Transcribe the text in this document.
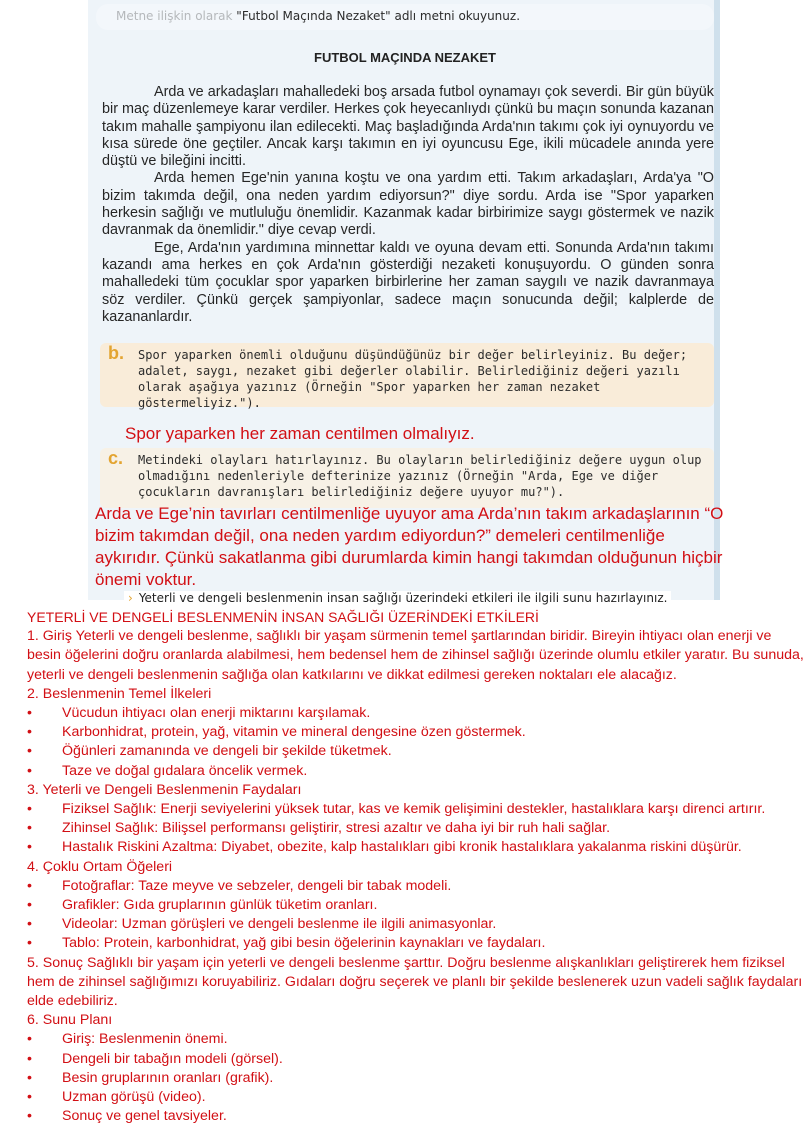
Metne ilişkin olarak "Futbol Maçında Nezaket" adlı metni okuyunuz.
FUTBOL MAÇINDA NEZAKET

Arda ve arkadaşları mahalledeki boş arsada futbol oynamayı çok severdi. Bir gün büyük bir maç düzenlemeye karar verdiler. Herkes çok heyecanlıydı çünkü bu maçın sonunda kazanan takım mahalle şampiyonu ilan edilecekti. Maç başladığında Arda'nın takımı çok iyi oynuyordu ve kısa sürede öne geçtiler. Ancak karşı takımın en iyi oyuncusu Ege, ikili mücadele anında yere düştü ve bileğini incitti.

Arda hemen Ege'nin yanına koştu ve ona yardım etti. Takım arkadaşları, Arda'ya "O bizim takımda değil, ona neden yardım ediyorsun?" diye sordu. Arda ise "Spor yaparken herkesin sağlığı ve mutluluğu önemlidir. Kazanmak kadar birbirimize saygı göstermek ve nazik davranmak da önemlidir." diye cevap verdi.

Ege, Arda'nın yardımına minnettar kaldı ve oyuna devam etti. Sonunda Arda'nın takımı kazandı ama herkes en çok Arda'nın gösterdiği nezaketi konuşuyordu. O günden sonra mahalledeki tüm çocuklar spor yaparken birbirlerine her zaman saygılı ve nazik davranmaya söz verdiler. Çünkü gerçek şampiyonlar, sadece maçın sonucunda değil; kalplerde de kazananlardır.

b. Spor yaparken önemli olduğunu düşündüğünüz bir değer belirleyiniz. Bu değer; adalet, saygı, nezaket gibi değerler olabilir. Belirlediğiniz değeri yazılı olarak aşağıya yazınız (Örneğin "Spor yaparken her zaman nezaket göstermeliyiz.").
Spor yaparken her zaman centilmen olmalıyız.
c. Metindeki olayları hatırlayınız. Bu olayların belirlediğiniz değere uygun olup olmadığını nedenleriyle defterinize yazınız (Örneğin "Arda, Ege ve diğer çocukların davranışları belirlediğiniz değere uyuyor mu?").
Arda ve Ege’nin tavırları centilmenliğe uyuyor ama Arda’nın takım arkadaşlarının “O bizim takımdan değil, ona neden yardım ediyordun?” demeleri centilmenliğe aykırıdır. Çünkü sakatlanma gibi durumlarda kimin hangi takımdan olduğunun hiçbir önemi voktur.
› Yeterli ve dengeli beslenmenin insan sağlığı üzerindeki etkileri ile ilgili sunu hazırlayınız.
YETERLİ VE DENGELİ BESLENMENİN İNSAN SAĞLIĞI ÜZERİNDEKİ ETKİLERİ
1. Giriş Yeterli ve dengeli beslenme, sağlıklı bir yaşam sürmenin temel şartlarından biridir. Bireyin ihtiyacı olan enerji ve besin öğelerini doğru oranlarda alabilmesi, hem bedensel hem de zihinsel sağlığı üzerinde olumlu etkiler yaratır. Bu sunuda, yeterli ve dengeli beslenmenin sağlığa olan katkılarını ve dikkat edilmesi gereken noktaları ele alacağız.
2. Beslenmenin Temel İlkeleri
• Vücudun ihtiyacı olan enerji miktarını karşılamak.
• Karbonhidrat, protein, yağ, vitamin ve mineral dengesine özen göstermek.
• Öğünleri zamanında ve dengeli bir şekilde tüketmek.
• Taze ve doğal gıdalara öncelik vermek.
3. Yeterli ve Dengeli Beslenmenin Faydaları
• Fiziksel Sağlık: Enerji seviyelerini yüksek tutar, kas ve kemik gelişimini destekler, hastalıklara karşı direnci artırır.
• Zihinsel Sağlık: Bilişsel performansı geliştirir, stresi azaltır ve daha iyi bir ruh hali sağlar.
• Hastalık Riskini Azaltma: Diyabet, obezite, kalp hastalıkları gibi kronik hastalıklara yakalanma riskini düşürür.
4. Çoklu Ortam Öğeleri
• Fotoğraflar: Taze meyve ve sebzeler, dengeli bir tabak modeli.
• Grafikler: Gıda gruplarının günlük tüketim oranları.
• Videolar: Uzman görüşleri ve dengeli beslenme ile ilgili animasyonlar.
• Tablo: Protein, karbonhidrat, yağ gibi besin öğelerinin kaynakları ve faydaları.
5. Sonuç Sağlıklı bir yaşam için yeterli ve dengeli beslenme şarttır. Doğru beslenme alışkanlıkları geliştirerek hem fiziksel hem de zihinsel sağlığımızı koruyabiliriz. Gıdaları doğru seçerek ve planlı bir şekilde beslenerek uzun vadeli sağlık faydaları elde edebiliriz.
6. Sunu Planı
• Giriş: Beslenmenin önemi.
• Dengeli bir tabağın modeli (görsel).
• Besin gruplarının oranları (grafik).
• Uzman görüşü (video).
• Sonuç ve genel tavsiyeler.
